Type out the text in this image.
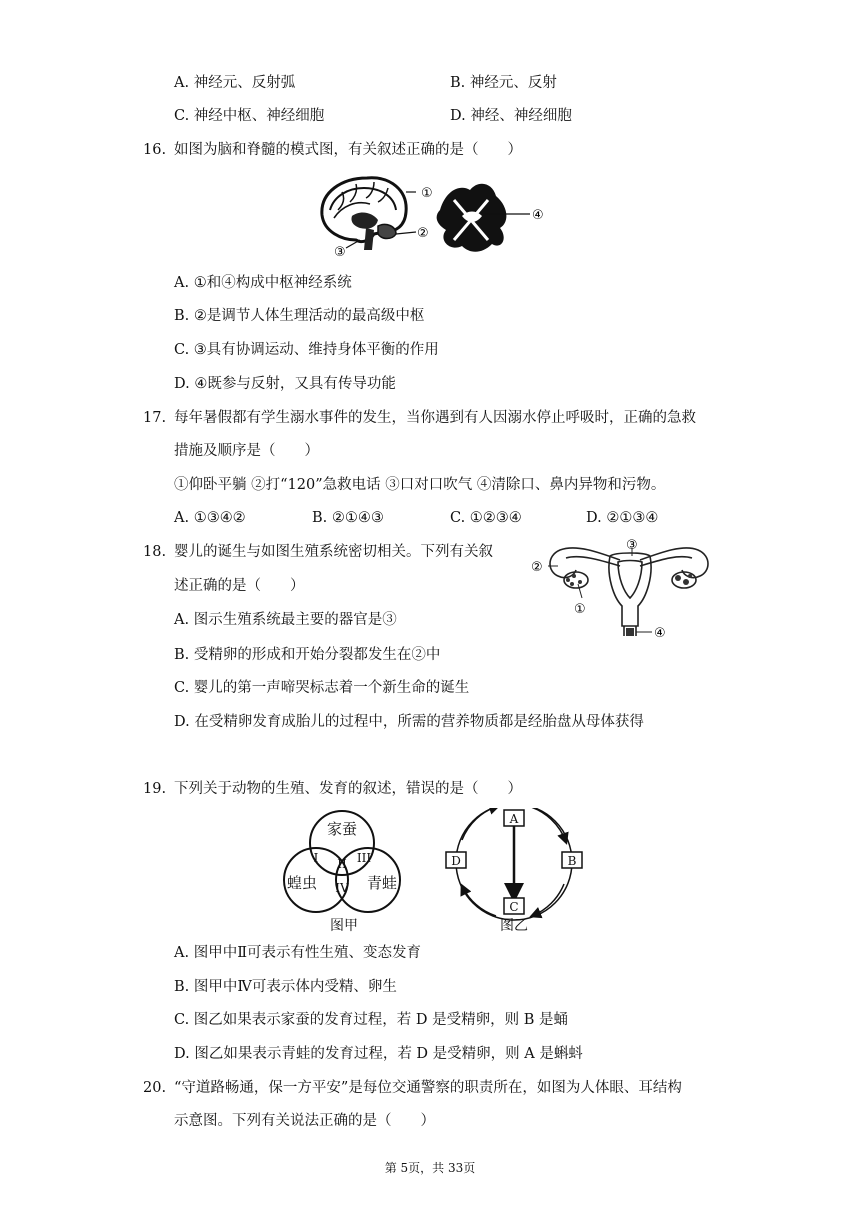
A. 神经元、反射弧	B. 神经元、反射
C. 神经中枢、神经细胞	D. 神经、神经细胞
16. 如图为脑和脊髓的模式图，有关叙述正确的是（　　）
①
②
③
④
A. ①和④构成中枢神经系统
B. ②是调节人体生理活动的最高级中枢
C. ③具有协调运动、维持身体平衡的作用
D. ④既参与反射，又具有传导功能
17. 每年暑假都有学生溺水事件的发生，当你遇到有人因溺水停止呼吸时，正确的急救
措施及顺序是（　　）
①仰卧平躺 ②打“120”急救电话 ③口对口吹气 ④清除口、鼻内异物和污物。
A. ①③④②	B. ②①④③	C. ①②③④	D. ②①③④
18. 婴儿的诞生与如图生殖系统密切相关。下列有关叙
述正确的是（　　）
②
③
①
④
A. 图示生殖系统最主要的器官是③
B. 受精卵的形成和开始分裂都发生在②中
C. 婴儿的第一声啼哭标志着一个新生命的诞生
D. 在受精卵发育成胎儿的过程中，所需的营养物质都是经胎盘从母体获得
19. 下列关于动物的生殖、发育的叙述，错误的是（　　）
家蚕
蝗虫	青蛙
I II III
IV
图甲
A
B
C
D
图乙
A. 图甲中Ⅱ可表示有性生殖、变态发育
B. 图甲中Ⅳ可表示体内受精、卵生
C. 图乙如果表示家蚕的发育过程，若 D 是受精卵，则 B 是蛹
D. 图乙如果表示青蛙的发育过程，若 D 是受精卵，则 A 是蝌蚪
20. “守道路畅通，保一方平安”是每位交通警察的职责所在，如图为人体眼、耳结构
示意图。下列有关说法正确的是（　　）
第 5页，共 33页
